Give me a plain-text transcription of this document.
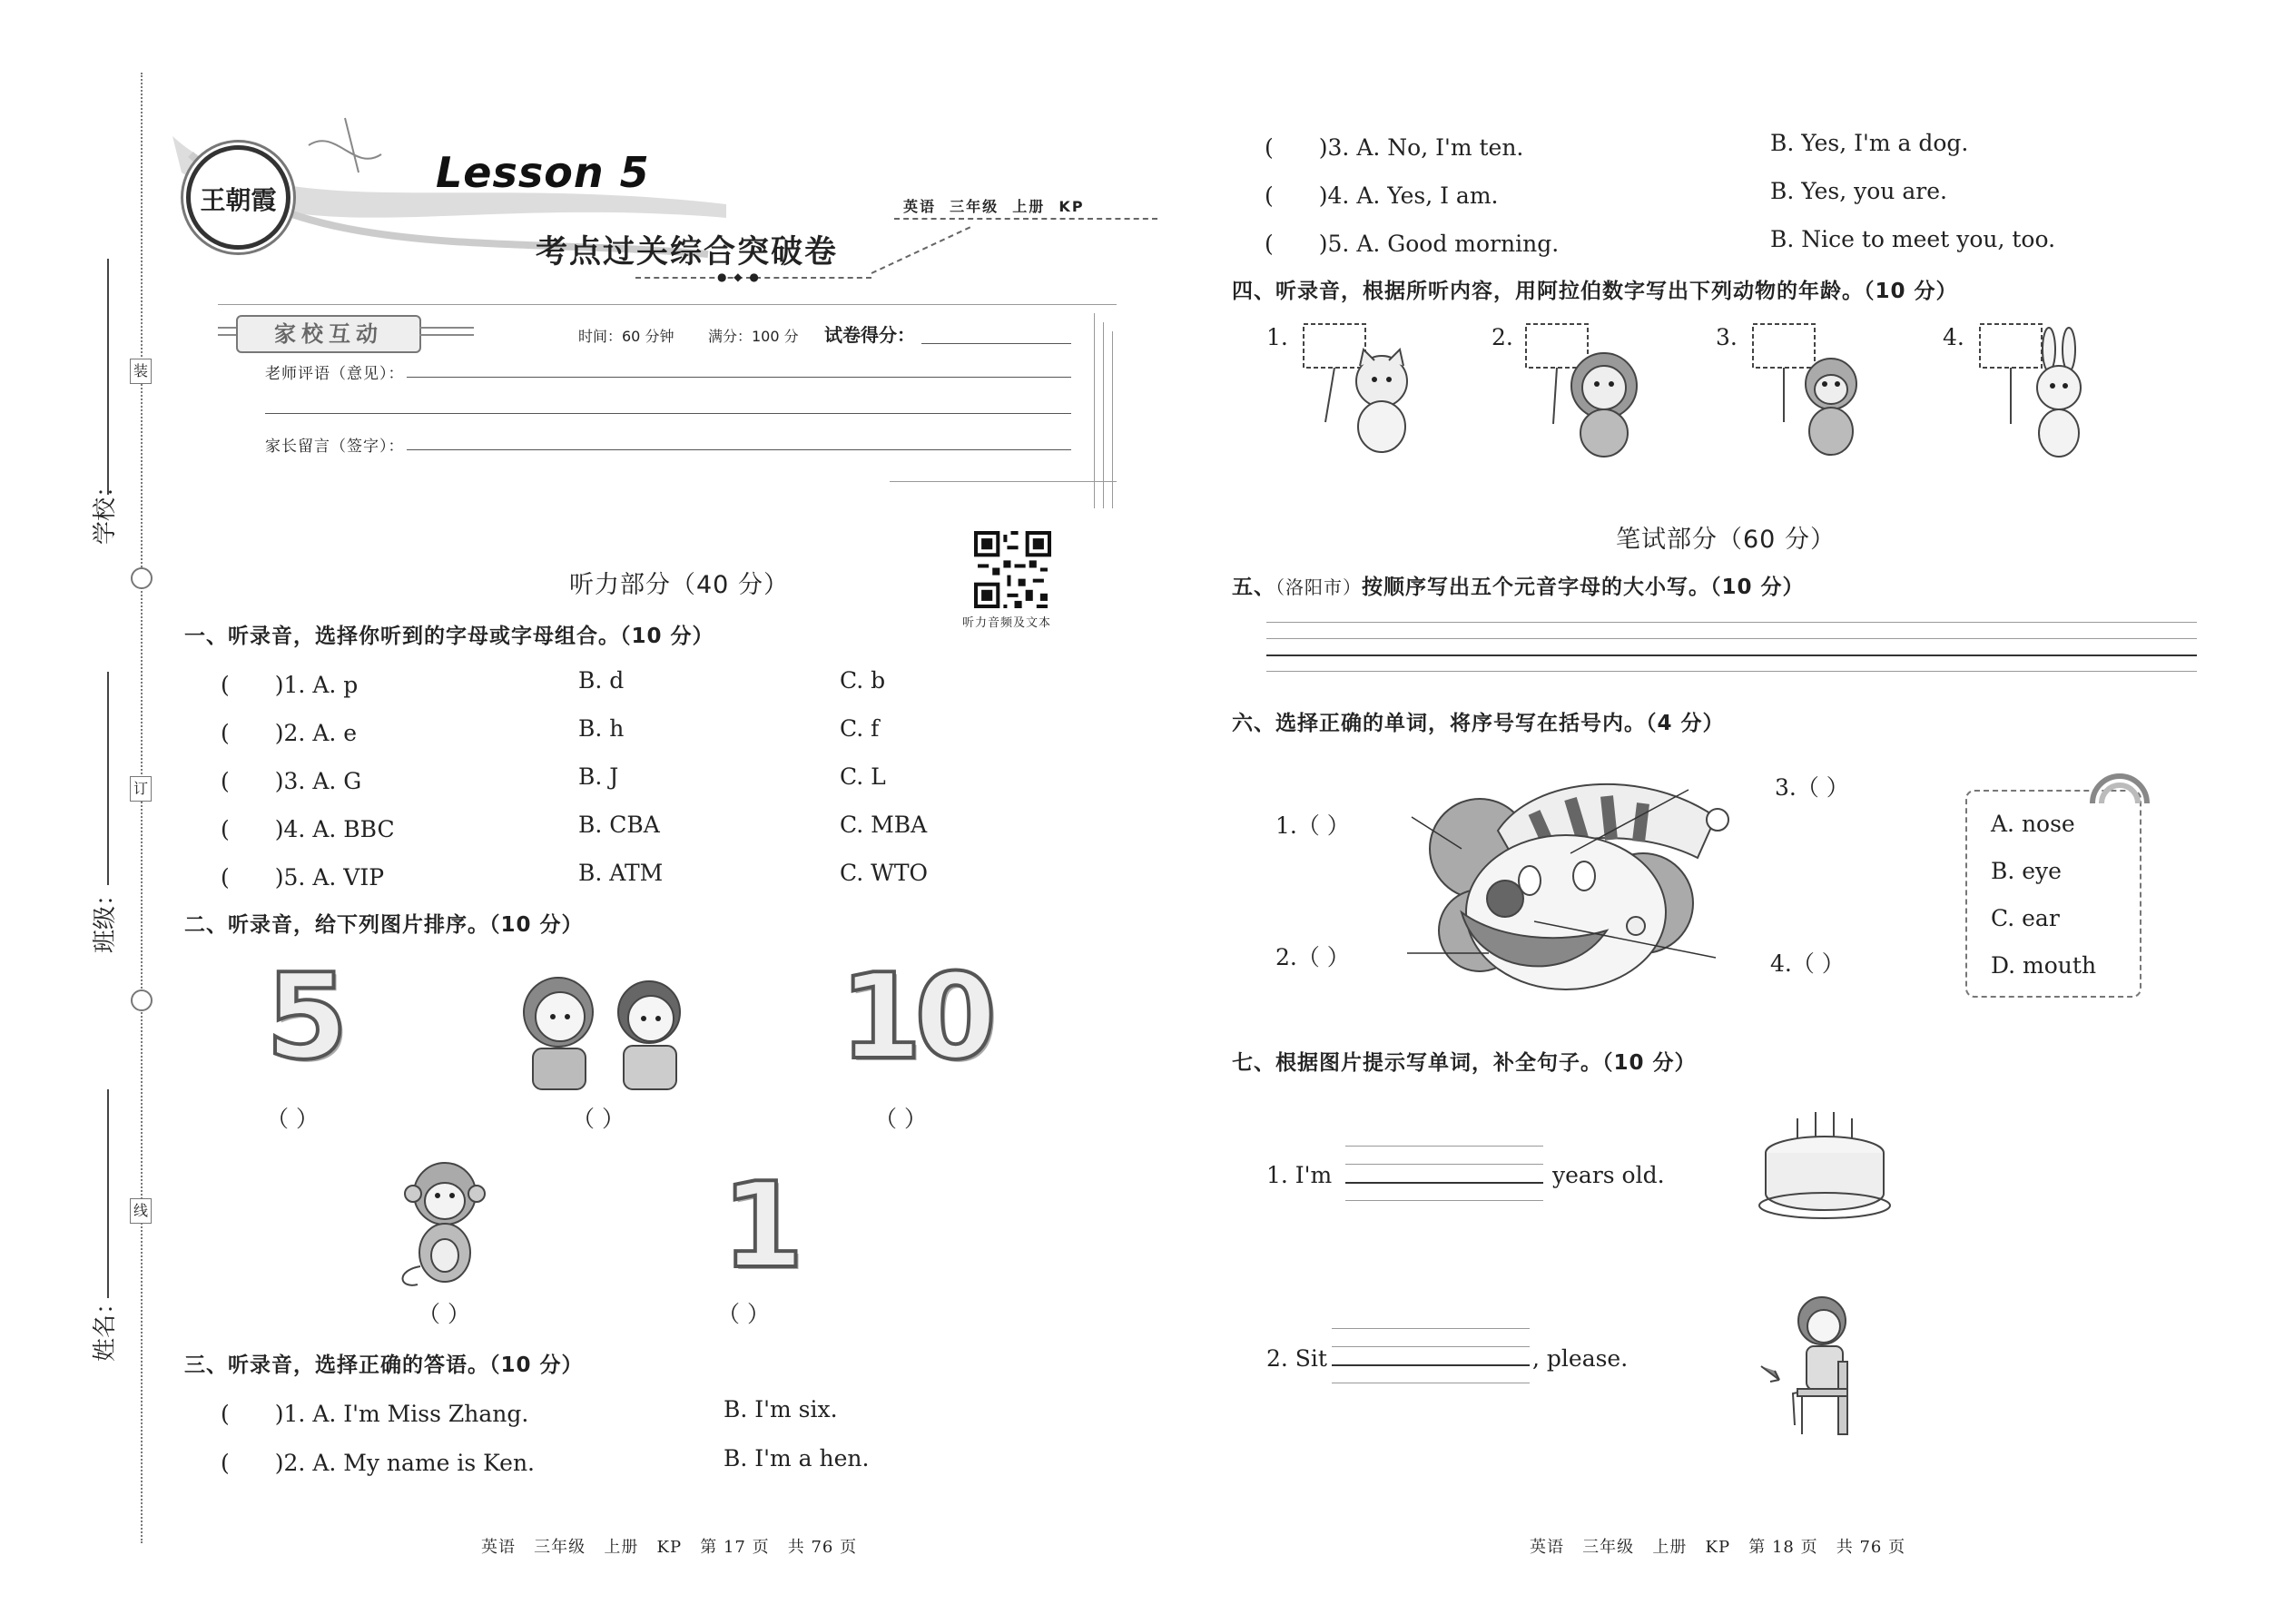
装
订
线
学校：
班级：
姓名：
王朝霞
Lesson 5
考点过关综合突破卷
● ◆ ●
英语  三年级  上册  KP
家校互动	时间：60 分钟 满分：100 分 试卷得分：
老师评语（意见）：
家长留言（签字）：
听力音频及文本
听力部分（40 分）
一、听录音，选择你听到的字母或字母组合。（10 分）
(　　)1. A. p	B. d	C. b
(　　)2. A. e	B. h	C. f
(　　)3. A. G	B. J	C. L
(　　)4. A. BBC	B. CBA	C. MBA
(　　)5. A. VIP	B. ATM	C. WTO
二、听录音，给下列图片排序。（10 分）
5
（ ）	（ ）
10
（ ）
（ ）
1
（ ）
三、听录音，选择正确的答语。（10 分）
(　　)1. A. I'm Miss Zhang.	B. I'm six.
(　　)2. A. My name is Ken.	B. I'm a hen.
(　　)3. A. No, I'm ten.	B. Yes, I'm a dog.
(　　)4. A. Yes, I am.	B. Yes, you are.
(　　)5. A. Good morning.	B. Nice to meet you, too.
四、听录音，根据所听内容，用阿拉伯数字写出下列动物的年龄。（10 分）
1.	2.	3.	4.
笔试部分（60 分）
五、（洛阳市）按顺序写出五个元音字母的大小写。（10 分）
六、选择正确的单词，将序号写在括号内。（4 分）
1.（ ）
2.（ ）
3.（ ）
4.（ ）
A. nose
B. eye
C. ear
D. mouth
七、根据图片提示写单词，补全句子。（10 分）
1. I'm	years old.
2. Sit	, please.
英语   三年级   上册   KP   第 17 页   共 76 页	英语   三年级   上册   KP   第 18 页   共 76 页
